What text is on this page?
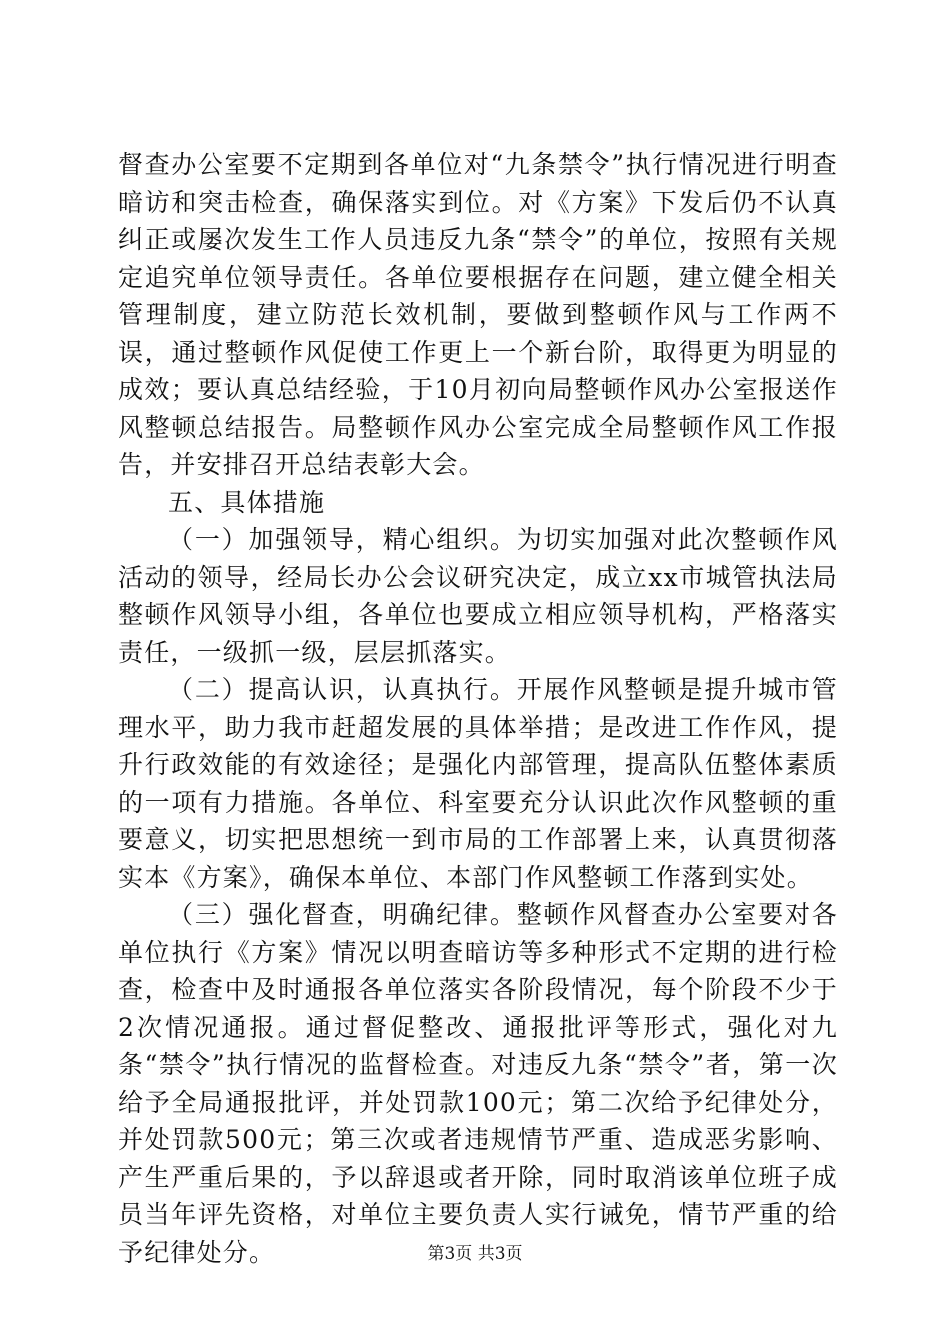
督查办公室要不定期到各单位对“九条禁令”执行情况进行明查暗访和突击检查，确保落实到位。对《方案》下发后仍不认真纠正或屡次发生工作人员违反九条“禁令”的单位，按照有关规定追究单位领导责任。各单位要根据存在问题，建立健全相关管理制度，建立防范长效机制，要做到整顿作风与工作两不误，通过整顿作风促使工作更上一个新台阶，取得更为明显的成效；要认真总结经验，于10月初向局整顿作风办公室报送作风整顿总结报告。局整顿作风办公室完成全局整顿作风工作报告，并安排召开总结表彰大会。

五、具体措施

（一）加强领导，精心组织。为切实加强对此次整顿作风活动的领导，经局长办公会议研究决定，成立xx市城管执法局整顿作风领导小组，各单位也要成立相应领导机构，严格落实责任，一级抓一级，层层抓落实。

（二）提高认识，认真执行。开展作风整顿是提升城市管理水平，助力我市赶超发展的具体举措；是改进工作作风，提升行政效能的有效途径；是强化内部管理，提高队伍整体素质的一项有力措施。各单位、科室要充分认识此次作风整顿的重要意义，切实把思想统一到市局的工作部署上来，认真贯彻落实本《方案》，确保本单位、本部门作风整顿工作落到实处。

（三）强化督查，明确纪律。整顿作风督查办公室要对各单位执行《方案》情况以明查暗访等多种形式不定期的进行检查，检查中及时通报各单位落实各阶段情况，每个阶段不少于2次情况通报。通过督促整改、通报批评等形式，强化对九条“禁令”执行情况的监督检查。对违反九条“禁令”者，第一次给予全局通报批评，并处罚款100元；第二次给予纪律处分，并处罚款500元；第三次或者违规情节严重、造成恶劣影响、产生严重后果的，予以辞退或者开除，同时取消该单位班子成员当年评先资格，对单位主要负责人实行诫免，情节严重的给予纪律处分。	第3页 共3页
